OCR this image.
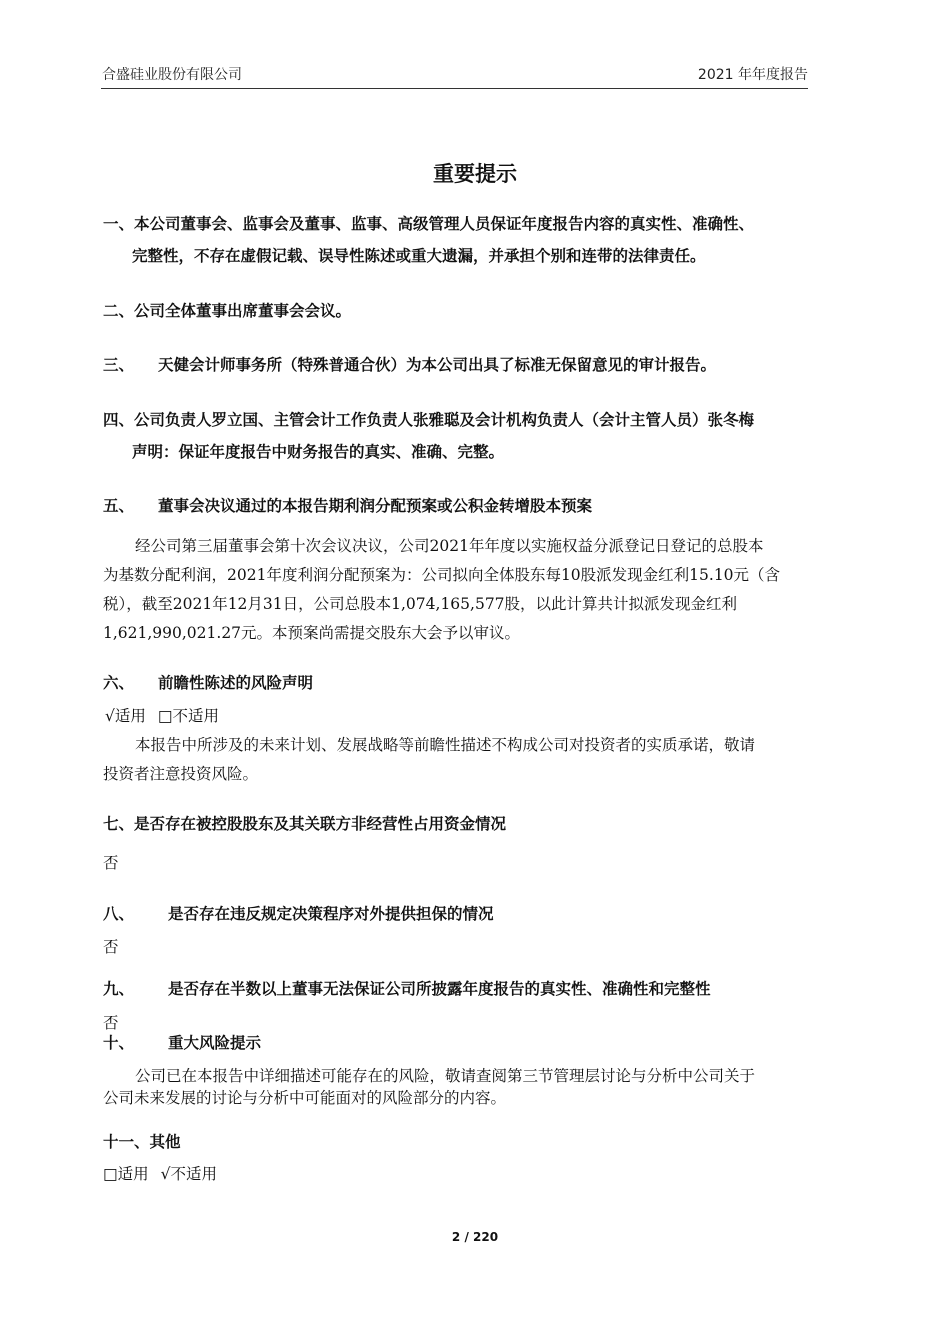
合盛硅业股份有限公司	2021 年年度报告
重要提示
一、本公司董事会、监事会及董事、监事、高级管理人员保证年度报告内容的真实性、准确性、
完整性，不存在虚假记载、误导性陈述或重大遗漏，并承担个别和连带的法律责任。
二、公司全体董事出席董事会会议。
三、 天健会计师事务所（特殊普通合伙）为本公司出具了标准无保留意见的审计报告。
四、公司负责人罗立国、主管会计工作负责人张雅聪及会计机构负责人（会计主管人员）张冬梅
声明：保证年度报告中财务报告的真实、准确、完整。
五、 董事会决议通过的本报告期利润分配预案或公积金转增股本预案
经公司第三届董事会第十次会议决议，公司2021年年度以实施权益分派登记日登记的总股本
为基数分配利润，2021年度利润分配预案为：公司拟向全体股东每10股派发现金红利15.10元（含
税），截至2021年12月31日，公司总股本1,074,165,577股，以此计算共计拟派发现金红利
1,621,990,021.27元。本预案尚需提交股东大会予以审议。
六、 前瞻性陈述的风险声明
√适用 □不适用
本报告中所涉及的未来计划、发展战略等前瞻性描述不构成公司对投资者的实质承诺，敬请
投资者注意投资风险。
七、是否存在被控股股东及其关联方非经营性占用资金情况
否
八、 是否存在违反规定决策程序对外提供担保的情况
否
九、 是否存在半数以上董事无法保证公司所披露年度报告的真实性、准确性和完整性
否
十、 重大风险提示
公司已在本报告中详细描述可能存在的风险，敬请查阅第三节管理层讨论与分析中公司关于
公司未来发展的讨论与分析中可能面对的风险部分的内容。
十一、其他
□适用 √不适用
2 / 220
